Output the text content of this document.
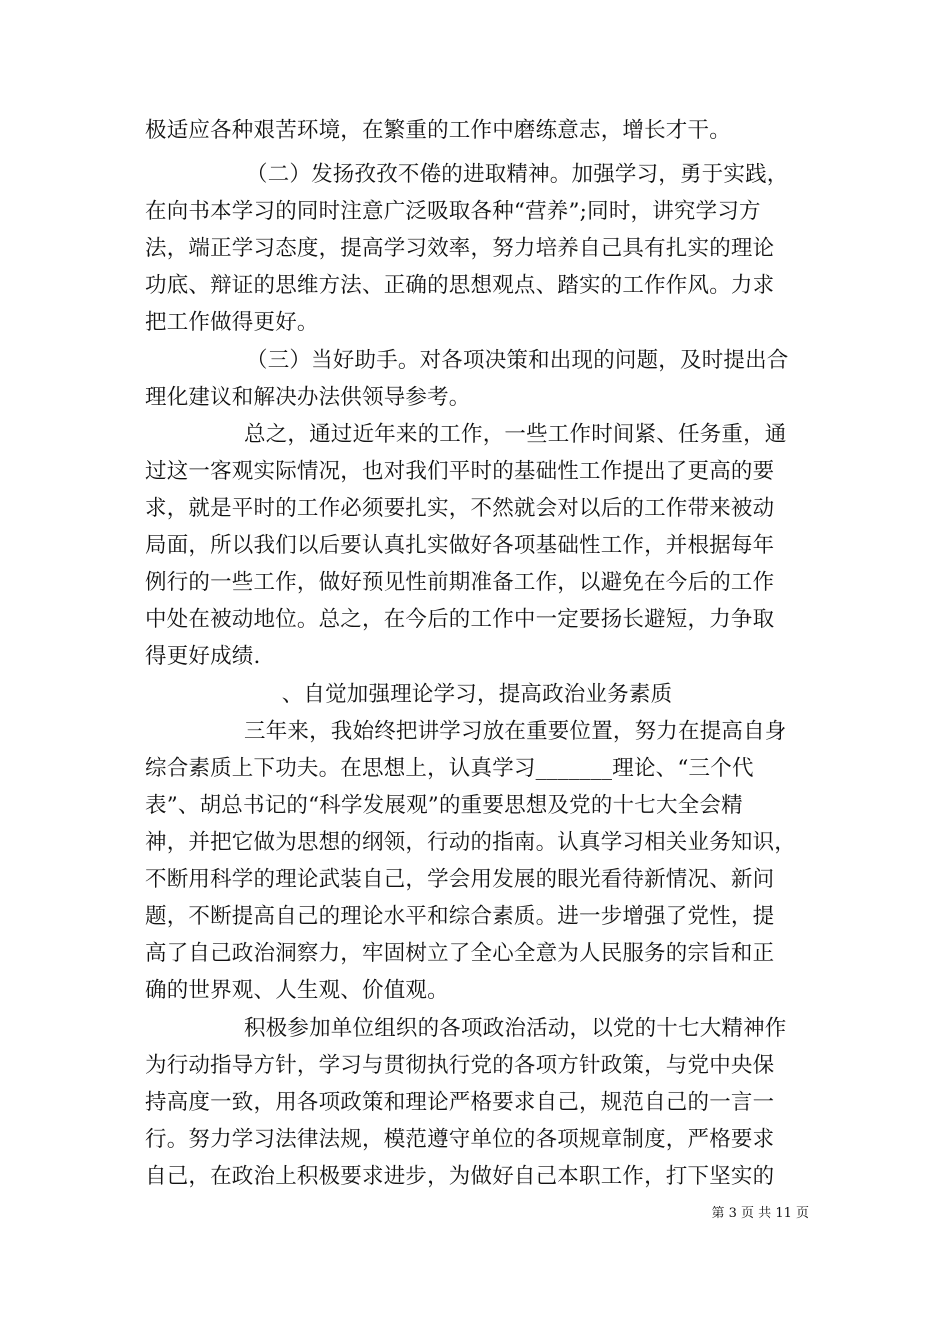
极适应各种艰苦环境，在繁重的工作中磨练意志，增长才干。
（二）发扬孜孜不倦的进取精神。加强学习，勇于实践，
在向书本学习的同时注意广泛吸取各种“营养”;同时，讲究学习方
法，端正学习态度，提高学习效率，努力培养自己具有扎实的理论
功底、辩证的思维方法、正确的思想观点、踏实的工作作风。力求
把工作做得更好。
（三）当好助手。对各项决策和出现的问题，及时提出合
理化建议和解决办法供领导参考。
总之，通过近年来的工作，一些工作时间紧、任务重，通
过这一客观实际情况，也对我们平时的基础性工作提出了更高的要
求，就是平时的工作必须要扎实，不然就会对以后的工作带来被动
局面，所以我们以后要认真扎实做好各项基础性工作，并根据每年
例行的一些工作，做好预见性前期准备工作，以避免在今后的工作
中处在被动地位。总之，在今后的工作中一定要扬长避短，力争取
得更好成绩.
、自觉加强理论学习，提高政治业务素质
三年来，我始终把讲学习放在重要位置，努力在提高自身
综合素质上下功夫。在思想上，认真学习_______理论、“三个代
表”、胡总书记的“科学发展观”的重要思想及党的十七大全会精
神，并把它做为思想的纲领，行动的指南。认真学习相关业务知识，
不断用科学的理论武装自己，学会用发展的眼光看待新情况、新问
题，不断提高自己的理论水平和综合素质。进一步增强了党性，提
高了自己政治洞察力，牢固树立了全心全意为人民服务的宗旨和正
确的世界观、人生观、价值观。
积极参加单位组织的各项政治活动，以党的十七大精神作
为行动指导方针，学习与贯彻执行党的各项方针政策，与党中央保
持高度一致，用各项政策和理论严格要求自己，规范自己的一言一
行。努力学习法律法规，模范遵守单位的各项规章制度，严格要求
自己，在政治上积极要求进步，为做好自己本职工作，打下坚实的
第 3 页 共 11 页
